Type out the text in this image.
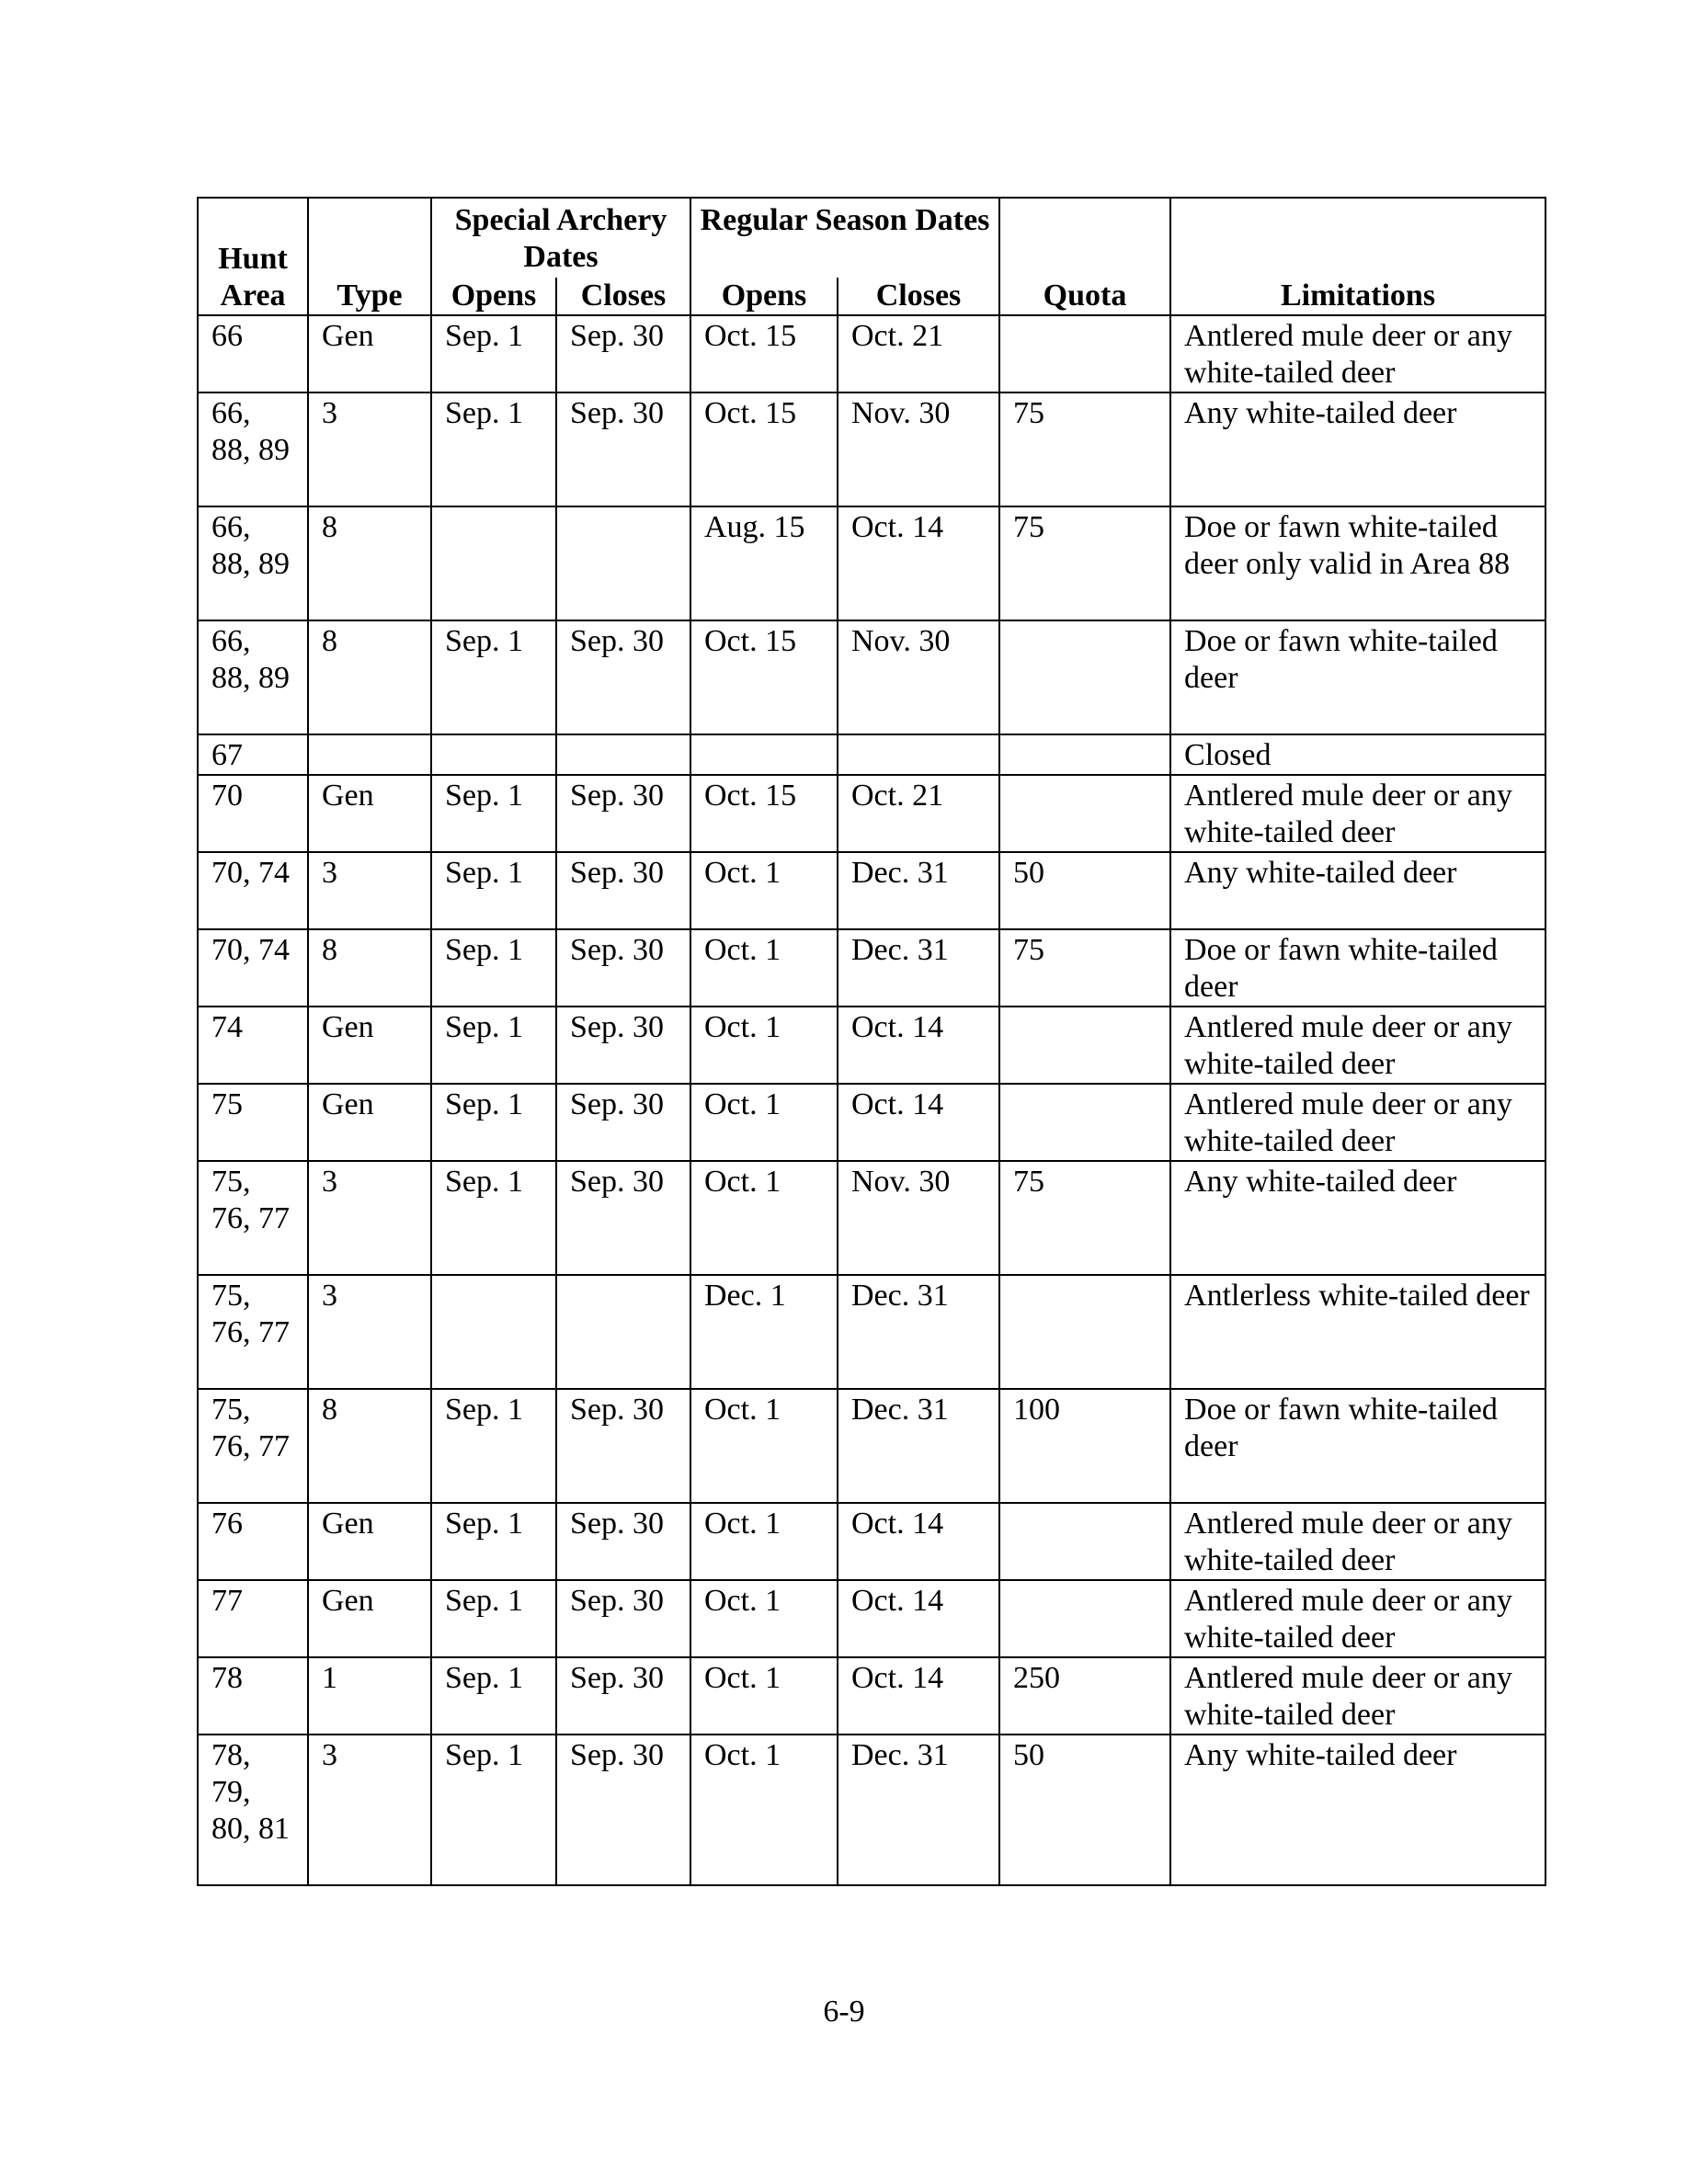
Hunt Area	Type	Special Archery Dates		Regular Season Dates		Quota	Limitations
		Opens	Closes	Opens	Closes		
66	Gen	Sep. 1	Sep. 30	Oct. 15	Oct. 21		Antlered mule deer or any white-tailed deer
66, 88, 89	3	Sep. 1	Sep. 30	Oct. 15	Nov. 30	75	Any white-tailed deer
66, 88, 89	8			Aug. 15	Oct. 14	75	Doe or fawn white-tailed deer only valid in Area 88
66, 88, 89	8	Sep. 1	Sep. 30	Oct. 15	Nov. 30		Doe or fawn white-tailed deer
67							Closed
70	Gen	Sep. 1	Sep. 30	Oct. 15	Oct. 21		Antlered mule deer or any white-tailed deer
70, 74	3	Sep. 1	Sep. 30	Oct. 1	Dec. 31	50	Any white-tailed deer
70, 74	8	Sep. 1	Sep. 30	Oct. 1	Dec. 31	75	Doe or fawn white-tailed deer
74	Gen	Sep. 1	Sep. 30	Oct. 1	Oct. 14		Antlered mule deer or any white-tailed deer
75	Gen	Sep. 1	Sep. 30	Oct. 1	Oct. 14		Antlered mule deer or any white-tailed deer
75, 76, 77	3	Sep. 1	Sep. 30	Oct. 1	Nov. 30	75	Any white-tailed deer
75, 76, 77	3			Dec. 1	Dec. 31		Antlerless white-tailed deer
75, 76, 77	8	Sep. 1	Sep. 30	Oct. 1	Dec. 31	100	Doe or fawn white-tailed deer
76	Gen	Sep. 1	Sep. 30	Oct. 1	Oct. 14		Antlered mule deer or any white-tailed deer
77	Gen	Sep. 1	Sep. 30	Oct. 1	Oct. 14		Antlered mule deer or any white-tailed deer
78	1	Sep. 1	Sep. 30	Oct. 1	Oct. 14	250	Antlered mule deer or any white-tailed deer
78, 79, 80, 81	3	Sep. 1	Sep. 30	Oct. 1	Dec. 31	50	Any white-tailed deer
6-9
